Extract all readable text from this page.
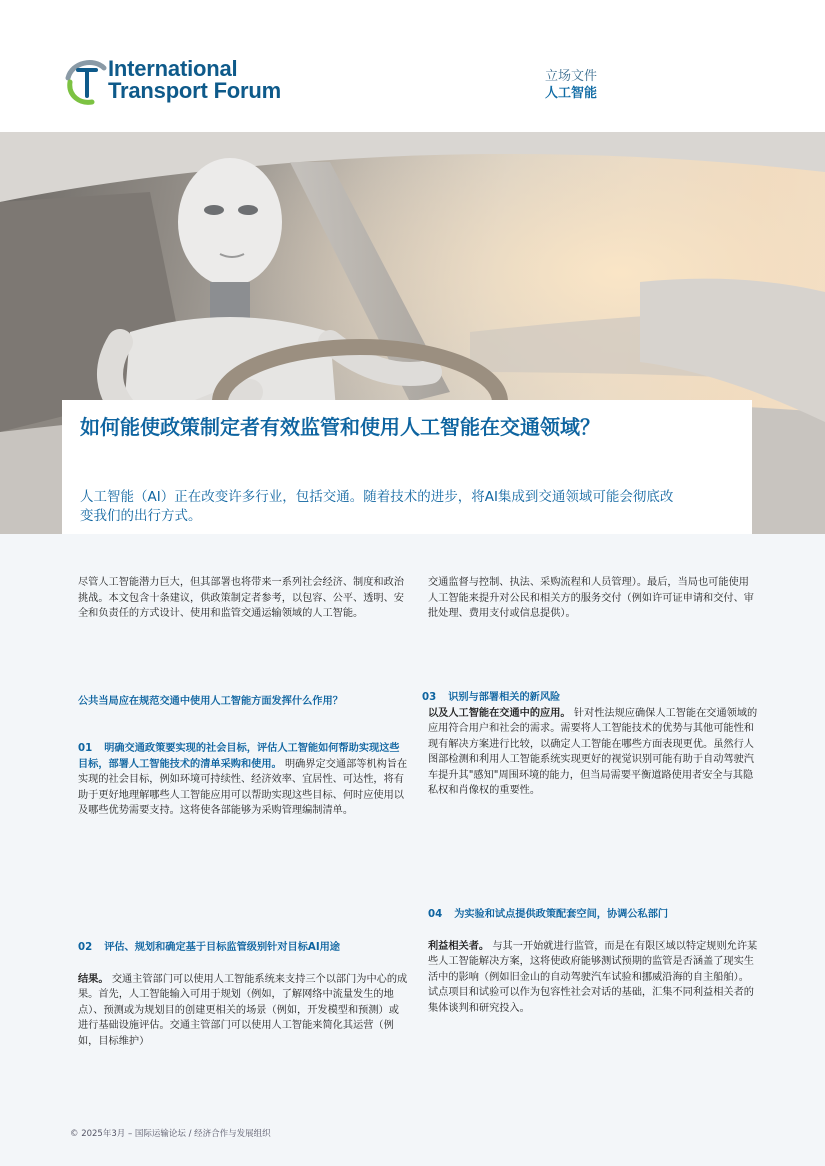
International
Transport Forum
立场文件
人工智能
如何能使政策制定者有效监管和使用人工智能在交通领域？
人工智能（AI）正在改变许多行业，包括交通。随着技术的进步，将AI集成到交通领域可能会彻底改变我们的出行方式。
尽管人工智能潜力巨大，但其部署也将带来一系列社会经济、制度和政治挑战。本文包含十条建议，供政策制定者参考，以包容、公平、透明、安全和负责任的方式设计、使用和监管交通运输领域的人工智能。
交通监督与控制、执法、采购流程和人员管理）。最后，当局也可能使用人工智能来提升对公民和相关方的服务交付（例如许可证申请和交付、审批处理、费用支付或信息提供）。
公共当局应在规范交通中使用人工智能方面发挥什么作用？
01 明确交通政策要实现的社会目标，评估人工智能如何帮助实现这些目标，部署人工智能技术的清单采购和使用。 明确界定交通部等机构旨在实现的社会目标，例如环境可持续性、经济效率、宜居性、可达性，将有助于更好地理解哪些人工智能应用可以帮助实现这些目标、何时应使用以及哪些优势需要支持。这将使各部能够为采购管理编制清单。
02 评估、规划和确定基于目标监管级别针对目标AI用途
结果。 交通主管部门可以使用人工智能系统来支持三个以部门为中心的成果。首先，人工智能输入可用于规划（例如，了解网络中流量发生的地点）、预测或为规划目的创建更相关的场景（例如，开发模型和预测）或进行基础设施评估。交通主管部门可以使用人工智能来简化其运营（例如，目标维护）
03 识别与部署相关的新风险
以及人工智能在交通中的应用。 针对性法规应确保人工智能在交通领域的应用符合用户和社会的需求。需要将人工智能技术的优势与其他可能性和现有解决方案进行比较，以确定人工智能在哪些方面表现更优。虽然行人图部检测和利用人工智能系统实现更好的视觉识别可能有助于自动驾驶汽车提升其"感知"周围环境的能力，但当局需要平衡道路使用者安全与其隐私权和肖像权的重要性。
04 为实验和试点提供政策配套空间，协调公私部门
利益相关者。 与其一开始就进行监管，而是在有限区域以特定规则允许某些人工智能解决方案，这将使政府能够测试预期的监管是否涵盖了现实生活中的影响（例如旧金山的自动驾驶汽车试验和挪威沿海的自主船舶）。试点项目和试验可以作为包容性社会对话的基础，汇集不同利益相关者的集体谈判和研究投入。
© 2025年3月 – 国际运输论坛 / 经济合作与发展组织
